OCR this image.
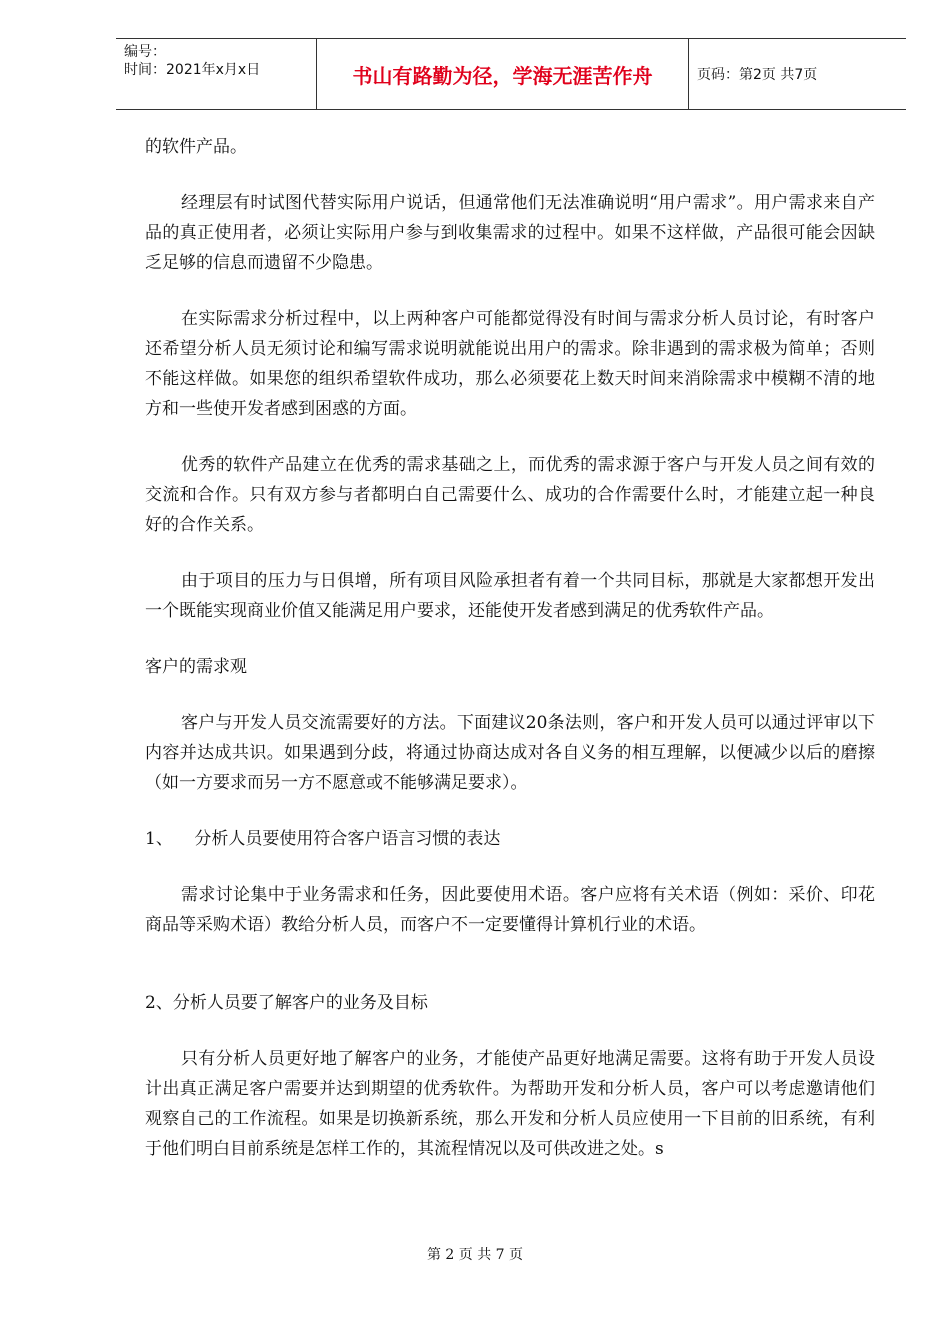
编号：
时间：2021年x月x日	书山有路勤为径，学海无涯苦作舟	页码：第2页 共7页

的软件产品。

经理层有时试图代替实际用户说话，但通常他们无法准确说明“用户需求”。用户需求来自产品的真正使用者，必须让实际用户参与到收集需求的过程中。如果不这样做，产品很可能会因缺乏足够的信息而遗留不少隐患。

在实际需求分析过程中，以上两种客户可能都觉得没有时间与需求分析人员讨论，有时客户还希望分析人员无须讨论和编写需求说明就能说出用户的需求。除非遇到的需求极为简单；否则不能这样做。如果您的组织希望软件成功，那么必须要花上数天时间来消除需求中模糊不清的地方和一些使开发者感到困惑的方面。

优秀的软件产品建立在优秀的需求基础之上，而优秀的需求源于客户与开发人员之间有效的交流和合作。只有双方参与者都明白自己需要什么、成功的合作需要什么时，才能建立起一种良好的合作关系。

由于项目的压力与日俱增，所有项目风险承担者有着一个共同目标，那就是大家都想开发出一个既能实现商业价值又能满足用户要求，还能使开发者感到满足的优秀软件产品。

客户的需求观

客户与开发人员交流需要好的方法。下面建议20条法则，客户和开发人员可以通过评审以下内容并达成共识。如果遇到分歧，将通过协商达成对各自义务的相互理解，以便减少以后的磨擦（如一方要求而另一方不愿意或不能够满足要求）。

1、    分析人员要使用符合客户语言习惯的表达

需求讨论集中于业务需求和任务，因此要使用术语。客户应将有关术语（例如：采价、印花商品等采购术语）教给分析人员，而客户不一定要懂得计算机行业的术语。

2、分析人员要了解客户的业务及目标

只有分析人员更好地了解客户的业务，才能使产品更好地满足需要。这将有助于开发人员设计出真正满足客户需要并达到期望的优秀软件。为帮助开发和分析人员，客户可以考虑邀请他们观察自己的工作流程。如果是切换新系统，那么开发和分析人员应使用一下目前的旧系统，有利于他们明白目前系统是怎样工作的，其流程情况以及可供改进之处。s

第 2 页 共 7 页
